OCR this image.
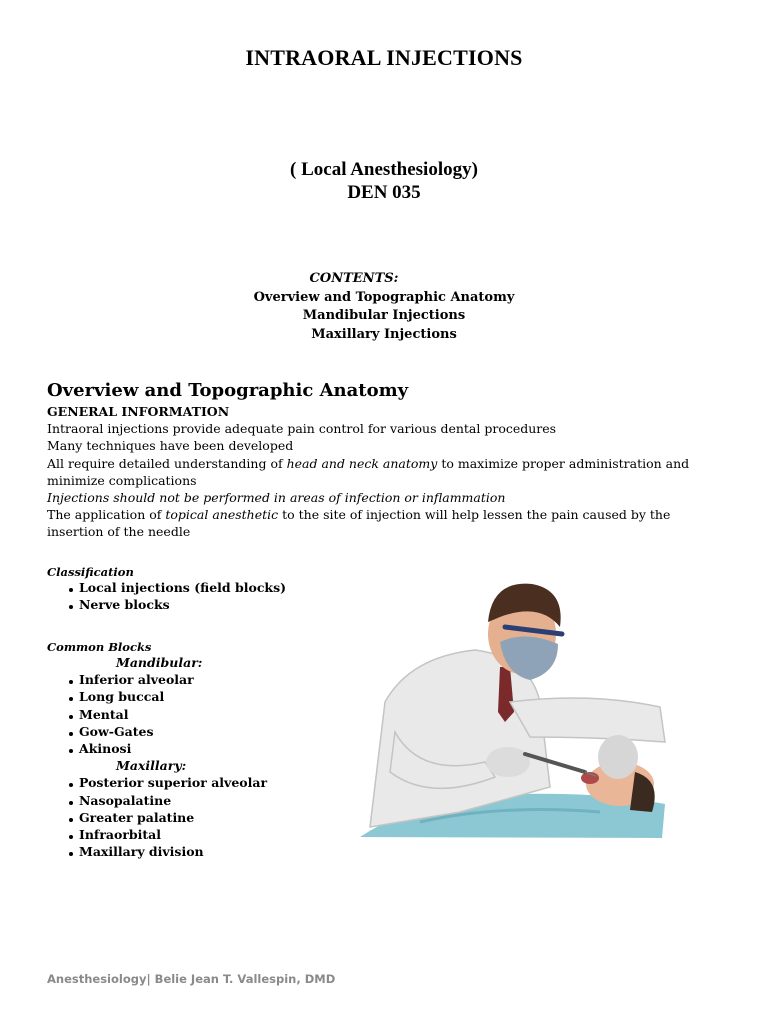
INTRAORAL INJECTIONS
( Local Anesthesiology)
DEN 035
CONTENTS:
Overview and Topographic Anatomy
Mandibular Injections
Maxillary Injections
Overview and Topographic Anatomy
GENERAL INFORMATION

Intraoral injections provide adequate pain control for various dental procedures

Many techniques have been developed

All require detailed understanding of head and neck anatomy to maximize proper administration and minimize complications

Injections should not be performed in areas of infection or inflammation

The application of topical anesthetic to the site of injection will help lessen the pain caused by the insertion of the needle

Classification
Local injections (field blocks)
Nerve blocks
Common Blocks
Mandibular:
Inferior alveolar
Long buccal
Mental
Gow-Gates
Akinosi
Maxillary:
Posterior superior alveolar
Nasopalatine
Greater palatine
Infraorbital
Maxillary division
Anesthesiology| Belie Jean T. Vallespin, DMD
